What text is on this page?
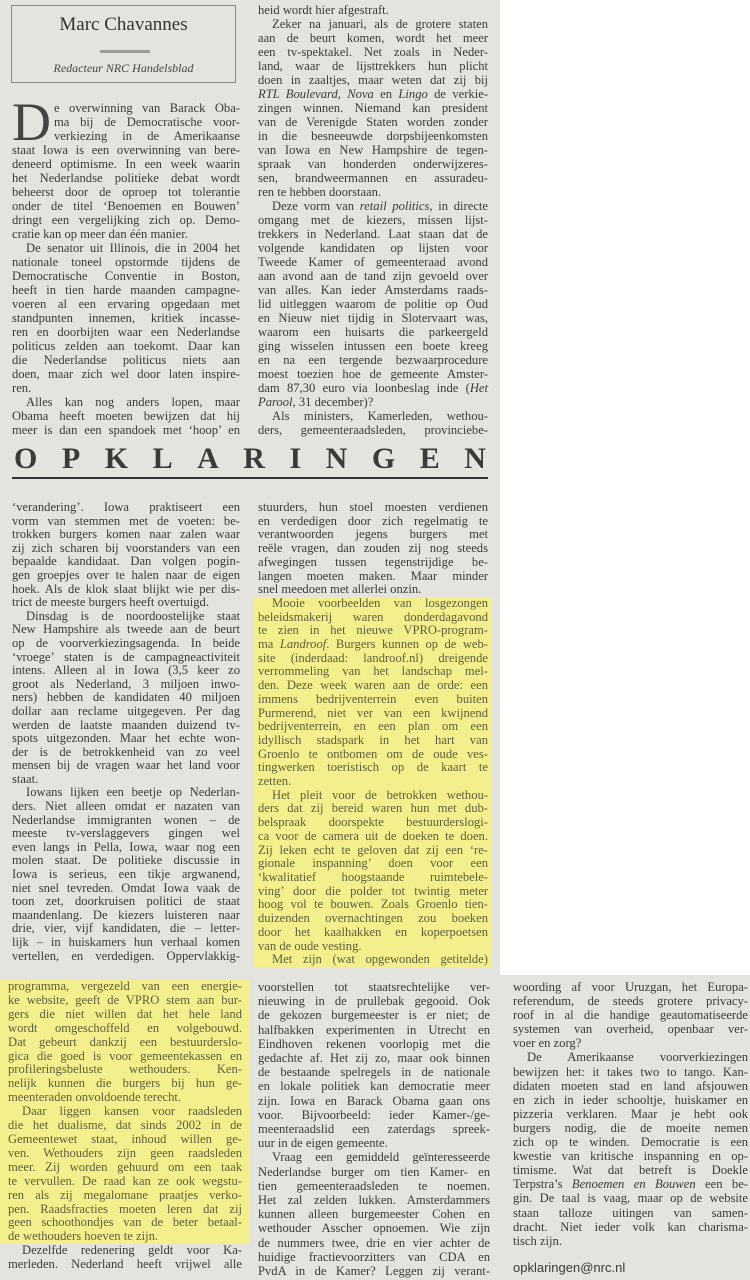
Marc Chavannes
Redacteur NRC Handelsblad
O P K L A R I N G E N
D e overwinning van Barack Oba-
ma bij de Democratische voor-
verkiezing in de Amerikaanse
staat Iowa is een overwinning van bere-
deneerd optimisme. In een week waarin
het Nederlandse politieke debat wordt
beheerst door de oproep tot tolerantie
onder de titel ‘Benoemen en Bouwen’
dringt een vergelijking zich op. Demo-
cratie kan op meer dan één manier.
De senator uit Illinois, die in 2004 het
nationale toneel opstormde tijdens de
Democratische Conventie in Boston,
heeft in tien harde maanden campagne-
voeren al een ervaring opgedaan met
standpunten innemen, kritiek incasse-
ren en doorbijten waar een Nederlandse
politicus zelden aan toekomt. Daar kan
die Nederlandse politicus niets aan
doen, maar zich wel door laten inspire-
ren.
Alles kan nog anders lopen, maar
Obama heeft moeten bewijzen dat hij
meer is dan een spandoek met ‘hoop’ en
heid wordt hier afgestraft.
Zeker na januari, als de grotere staten
aan de beurt komen, wordt het meer
een tv-spektakel. Net zoals in Neder-
land, waar de lijsttrekkers hun plicht
doen in zaaltjes, maar weten dat zij bij
RTL Boulevard, Nova en Lingo de verkie-
zingen winnen. Niemand kan president
van de Verenigde Staten worden zonder
in die besneeuwde dorpsbijeenkomsten
van Iowa en New Hampshire de tegen-
spraak van honderden onderwijzeres-
sen, brandweermannen en assuradeu-
ren te hebben doorstaan.
Deze vorm van retail politics, in directe
omgang met de kiezers, missen lijst-
trekkers in Nederland. Laat staan dat de
volgende kandidaten op lijsten voor
Tweede Kamer of gemeenteraad avond
aan avond aan de tand zijn gevoeld over
van alles. Kan ieder Amsterdams raads-
lid uitleggen waarom de politie op Oud
en Nieuw niet tijdig in Slotervaart was,
waarom een huisarts die parkeergeld
ging wisselen intussen een boete kreeg
en na een tergende bezwaarprocedure
moest toezien hoe de gemeente Amster-
dam 87,30 euro via loonbeslag inde (Het
Parool, 31 december)?
Als ministers, Kamerleden, wethou-
ders, gemeenteraadsleden, provinciebe-
‘verandering’. Iowa praktiseert een
vorm van stemmen met de voeten: be-
trokken burgers komen naar zalen waar
zij zich scharen bij voorstanders van een
bepaalde kandidaat. Dan volgen pogin-
gen groepjes over te halen naar de eigen
hoek. Als de klok slaat blijkt wie per dis-
trict de meeste burgers heeft overtuigd.
Dinsdag is de noordoostelijke staat
New Hampshire als tweede aan de beurt
op de voorverkiezingsagenda. In beide
‘vroege’ staten is de campagneactiviteit
intens. Alleen al in Iowa (3,5 keer zo
groot als Nederland, 3 miljoen inwo-
ners) hebben de kandidaten 40 miljoen
dollar aan reclame uitgegeven. Per dag
werden de laatste maanden duizend tv-
spots uitgezonden. Maar het echte won-
der is de betrokkenheid van zo veel
mensen bij de vragen waar het land voor
staat.
Iowans lijken een beetje op Nederlan-
ders. Niet alleen omdat er nazaten van
Nederlandse immigranten wonen – de
meeste tv-verslaggevers gingen wel
even langs in Pella, Iowa, waar nog een
molen staat. De politieke discussie in
Iowa is serieus, een tikje argwanend,
niet snel tevreden. Omdat Iowa vaak de
toon zet, doorkruisen politici de staat
maandenlang. De kiezers luisteren naar
drie, vier, vijf kandidaten, die – letter-
lijk – in huiskamers hun verhaal komen
vertellen, en verdedigen. Oppervlakkig-
stuurders, hun stoel moesten verdienen
en verdedigen door zich regelmatig te
verantwoorden jegens burgers met
reële vragen, dan zouden zij nog steeds
afwegingen tussen tegenstrijdige be-
langen moeten maken. Maar minder
snel meedoen met allerlei onzin.
Mooie voorbeelden van losgezongen
beleidsmakerij waren donderdagavond
te zien in het nieuwe VPRO-program-
ma Landroof. Burgers kunnen op de web-
site (inderdaad: landroof.nl) dreigende
verrommeling van het landschap mel-
den. Deze week waren aan de orde: een
immens bedrijventerrein even buiten
Purmerend, niet ver van een kwijnend
bedrijventerrein, en een plan om een
idyllisch stadspark in het hart van
Groenlo te ontbomen om de oude ves-
tingwerken toeristisch op de kaart te
zetten.
Het pleit voor de betrokken wethou-
ders dat zij bereid waren hun met dub-
belspraak doorspekte bestuurderslogi-
ca voor de camera uit de doeken te doen.
Zij leken echt te geloven dat zij een ‘re-
gionale inspanning’ doen voor een
‘kwalitatief hoogstaande ruimtebele-
ving’ door die polder tot twintig meter
hoog vol te bouwen. Zoals Groenlo tien-
duizenden overnachtingen zou boeken
door het kaalhakken en koperpoetsen
van de oude vesting.
Met zijn (wat opgewonden getitelde)
programma, vergezeld van een energie-
ke website, geeft de VPRO stem aan bur-
gers die niet willen dat het hele land
wordt omgeschoffeld en volgebouwd.
Dat gebeurt dankzij een bestuurderslo-
gica die goed is voor gemeentekassen en
profileringsbeluste wethouders. Ken-
nelijk kunnen die burgers bij hun ge-
meenteraden onvoldoende terecht.
Daar liggen kansen voor raadsleden
die het dualisme, dat sinds 2002 in de
Gemeentewet staat, inhoud willen ge-
ven. Wethouders zijn geen raadsleden
meer. Zij worden gehuurd om een taak
te vervullen. De raad kan ze ook wegstu-
ren als zij megalomane praatjes verko-
pen. Raadsfracties moeten leren dat zij
geen schoothondjes van de beter betaal-
de wethouders hoeven te zijn.
Dezelfde redenering geldt voor Ka-
merleden. Nederland heeft vrijwel alle
voorstellen tot staatsrechtelijke ver-
nieuwing in de prullebak gegooid. Ook
de gekozen burgemeester is er niet; de
halfbakken experimenten in Utrecht en
Eindhoven rekenen voorlopig met die
gedachte af. Het zij zo, maar ook binnen
de bestaande spelregels in de nationale
en lokale politiek kan democratie meer
zijn. Iowa en Barack Obama gaan ons
voor. Bijvoorbeeld: ieder Kamer-/ge-
meenteraadslid een zaterdags spreek-
uur in de eigen gemeente.
Vraag een gemiddeld geïnteresseerde
Nederlandse burger om tien Kamer- en
tien gemeenteraadsleden te noemen.
Het zal zelden lukken. Amsterdammers
kunnen alleen burgemeester Cohen en
wethouder Asscher opnoemen. Wie zijn
de nummers twee, drie en vier achter de
huidige fractievoorzitters van CDA en
PvdA in de Kamer? Leggen zij verant-
woording af voor Uruzgan, het Europa-
referendum, de steeds grotere privacy-
roof in al die handige geautomatiseerde
systemen van overheid, openbaar ver-
voer en zorg?
De Amerikaanse voorverkiezingen
bewijzen het: it takes two to tango. Kan-
didaten moeten stad en land afsjouwen
en zich in ieder schooltje, huiskamer en
pizzeria verklaren. Maar je hebt ook
burgers nodig, die de moeite nemen
zich op te winden. Democratie is een
kwestie van kritische inspanning en op-
timisme. Wat dat betreft is Doekle
Terpstra’s Benoemen en Bouwen een be-
gin. De taal is vaag, maar op de website
staan talloze uitingen van samen-
dracht. Niet ieder volk kan charisma-
tisch zijn.
opklaringen@nrc.nl
